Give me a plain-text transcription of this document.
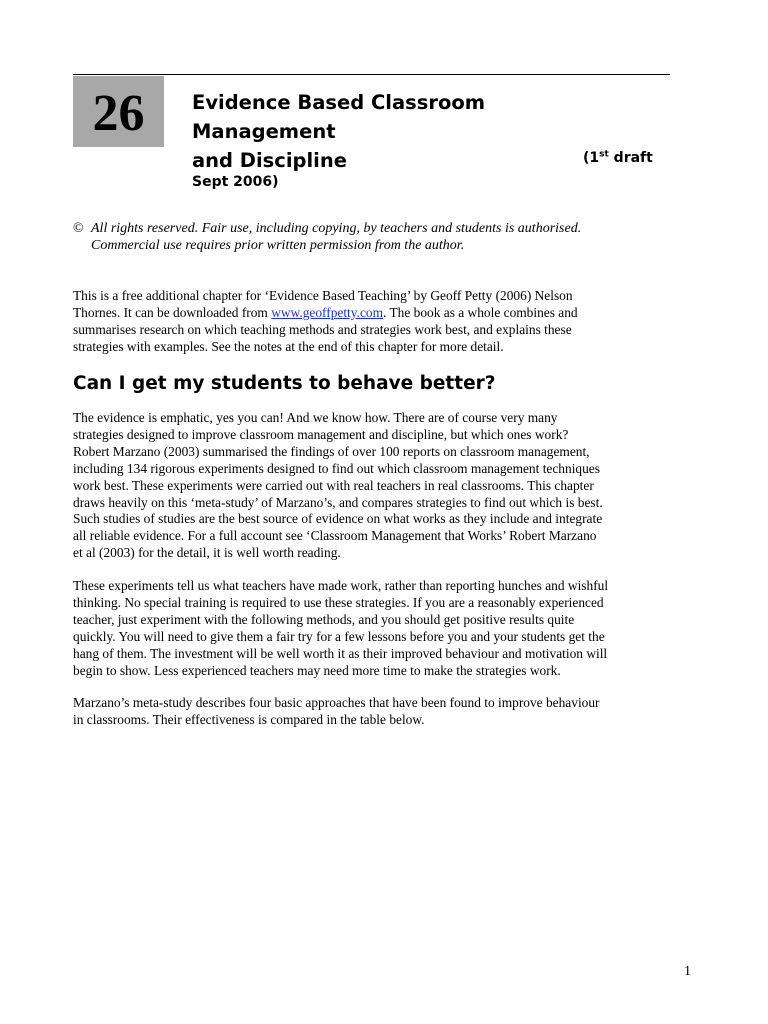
26 Evidence Based Classroom
Management
and Discipline	(1st draft
Sept 2006)
© All rights reserved. Fair use, including copying, by teachers and students is authorised.
Commercial use requires prior written permission from the author.

This is a free additional chapter for ‘Evidence Based Teaching’ by Geoff Petty (2006) Nelson
Thornes. It can be downloaded from www.geoffpetty.com. The book as a whole combines and
summarises research on which teaching methods and strategies work best, and explains these
strategies with examples. See the notes at the end of this chapter for more detail.

Can I get my students to behave better?

The evidence is emphatic, yes you can! And we know how. There are of course very many
strategies designed to improve classroom management and discipline, but which ones work?
Robert Marzano (2003) summarised the findings of over 100 reports on classroom management,
including 134 rigorous experiments designed to find out which classroom management techniques
work best. These experiments were carried out with real teachers in real classrooms. This chapter
draws heavily on this ‘meta-study’ of Marzano’s, and compares strategies to find out which is best.
Such studies of studies are the best source of evidence on what works as they include and integrate
all reliable evidence. For a full account see ‘Classroom Management that Works’ Robert Marzano
et al (2003) for the detail, it is well worth reading.

These experiments tell us what teachers have made work, rather than reporting hunches and wishful
thinking. No special training is required to use these strategies. If you are a reasonably experienced
teacher, just experiment with the following methods, and you should get positive results quite
quickly. You will need to give them a fair try for a few lessons before you and your students get the
hang of them. The investment will be well worth it as their improved behaviour and motivation will
begin to show. Less experienced teachers may need more time to make the strategies work.

Marzano’s meta-study describes four basic approaches that have been found to improve behaviour
in classrooms. Their effectiveness is compared in the table below.

1
